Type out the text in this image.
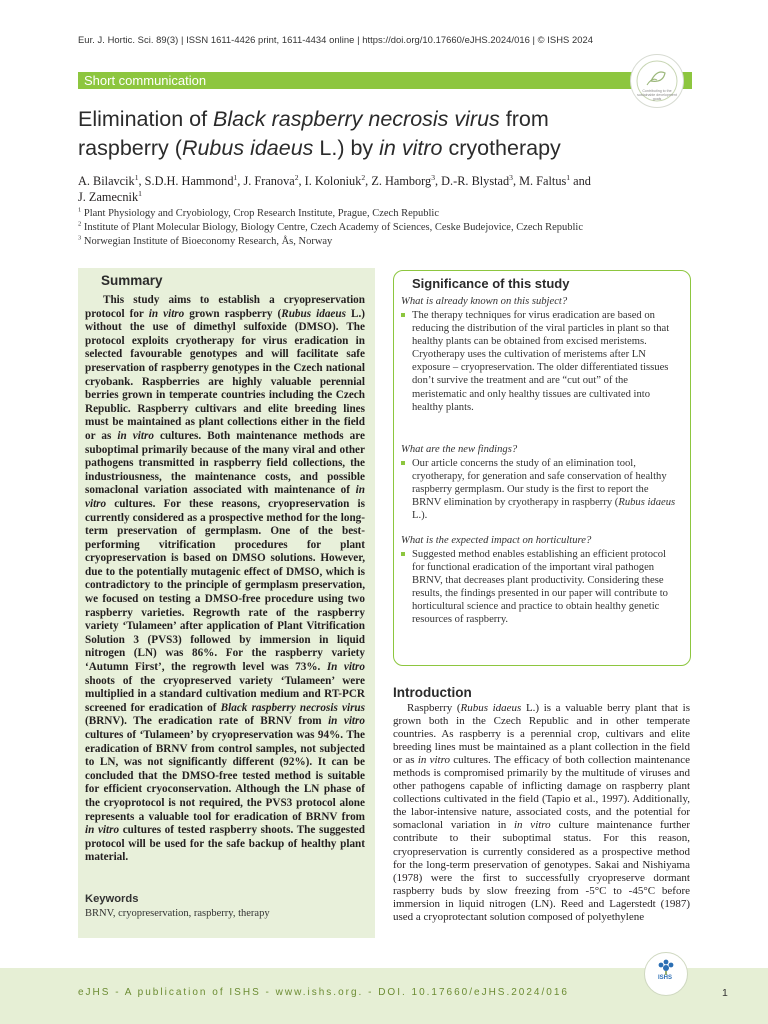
Eur. J. Hortic. Sci. 89(3) | ISSN 1611-4426 print, 1611-4434 online | https://doi.org/10.17660/eJHS.2024/016 | © ISHS 2024
Short communication
Contributing to the sustainable development goals
Elimination of Black raspberry necrosis virus from
raspberry (Rubus idaeus L.) by in vitro cryotherapy
A. Bilavcik$^1$, S.D.H. Hammond$^1$, J. Franova$^2$, I. Koloniuk$^2$, Z. Hamborg$^3$, D.-R. Blystad$^3$, M. Faltus$^1$ and
J. Zamecnik$^1$
$^1$ Plant Physiology and Cryobiology, Crop Research Institute, Prague, Czech Republic
$^2$ Institute of Plant Molecular Biology, Biology Centre, Czech Academy of Sciences, Ceske Budejovice, Czech Republic
$^3$ Norwegian Institute of Bioeconomy Research, Ås, Norway
Summary
This study aims to establish a cryopreservation protocol for in vitro grown raspberry (Rubus idaeus L.) without the use of dimethyl sulfoxide (DMSO). The protocol exploits cryotherapy for virus eradication in selected favourable genotypes and will facilitate safe preservation of raspberry genotypes in the Czech national cryobank. Raspberries are highly valuable perennial berries grown in temperate countries including the Czech Republic. Raspberry cultivars and elite breeding lines must be maintained as plant collections either in the field or as in vitro cultures. Both maintenance methods are suboptimal primarily because of the many viral and other pathogens transmitted in raspberry field collections, the industriousness, the maintenance costs, and possible somaclonal variation associated with maintenance of in vitro cultures. For these reasons, cryopreservation is currently considered as a prospective method for the long-term preservation of germplasm. One of the best-performing vitrification procedures for plant cryopreservation is based on DMSO solutions. However, due to the potentially mutagenic effect of DMSO, which is contradictory to the principle of germplasm preservation, we focused on testing a DMSO-free procedure using two raspberry varieties. Regrowth rate of the raspberry variety ‘Tulameen’ after application of Plant Vitrification Solution 3 (PVS3) followed by immersion in liquid nitrogen (LN) was 86%. For the raspberry variety ‘Autumn First’, the regrowth level was 73%. In vitro shoots of the cryopreserved variety ‘Tulameen’ were multiplied in a standard cultivation medium and RT-PCR screened for eradication of Black raspberry necrosis virus (BRNV). The eradication rate of BRNV from in vitro cultures of ‘Tulameen’ by cryopreservation was 94%. The eradication of BRNV from control samples, not subjected to LN, was not significantly different (92%). It can be concluded that the DMSO-free tested method is suitable for efficient cryoconservation. Although the LN phase of the cryoprotocol is not required, the PVS3 protocol alone represents a valuable tool for eradication of BRNV from in vitro cultures of tested raspberry shoots. The suggested protocol will be used for the safe backup of healthy plant material.
Keywords
BRNV, cryopreservation, raspberry, therapy
Significance of this study
What is already known on this subject?
The therapy techniques for virus eradication are based on reducing the distribution of the viral particles in plant so that healthy plants can be obtained from excised meristems. Cryotherapy uses the cultivation of meristems after LN exposure – cryopreservation. The older differentiated tissues don’t survive the treatment and are “cut out” of the meristematic and only healthy tissues are cultivated into healthy plants.
What are the new findings?
Our article concerns the study of an elimination tool, cryotherapy, for generation and safe conservation of healthy raspberry germplasm. Our study is the first to report the BRNV elimination by cryotherapy in raspberry (Rubus idaeus L.).
What is the expected impact on horticulture?
Suggested method enables establishing an efficient protocol for functional eradication of the important viral pathogen BRNV, that decreases plant productivity. Considering these results, the findings presented in our paper will contribute to horticultural science and practice to obtain healthy genetic resources of raspberry.
Introduction
Raspberry (Rubus idaeus L.) is a valuable berry plant that is grown both in the Czech Republic and in other temperate countries. As raspberry is a perennial crop, cultivars and elite breeding lines must be maintained as a plant collection in the field or as in vitro cultures. The efficacy of both collection maintenance methods is compromised primarily by the multitude of viruses and other pathogens capable of inflicting damage on raspberry plant collections cultivated in the field (Tapio et al., 1997). Additionally, the labor-intensive nature, associated costs, and the potential for somaclonal variation in in vitro culture maintenance further contribute to their suboptimal status. For this reason, cryopreservation is currently considered as a prospective method for the long-term preservation of genotypes. Sakai and Nishiyama (1978) were the first to successfully cryopreserve dormant raspberry buds by slow freezing from -5°C to -45°C before immersion in liquid nitrogen (LN). Reed and Lagerstedt (1987) used a cryoprotectant solution composed of polyethylene
eJHS - A publication of ISHS - www.ishs.org. - DOI. 10.17660/eJHS.2024/016
ISHS
1
